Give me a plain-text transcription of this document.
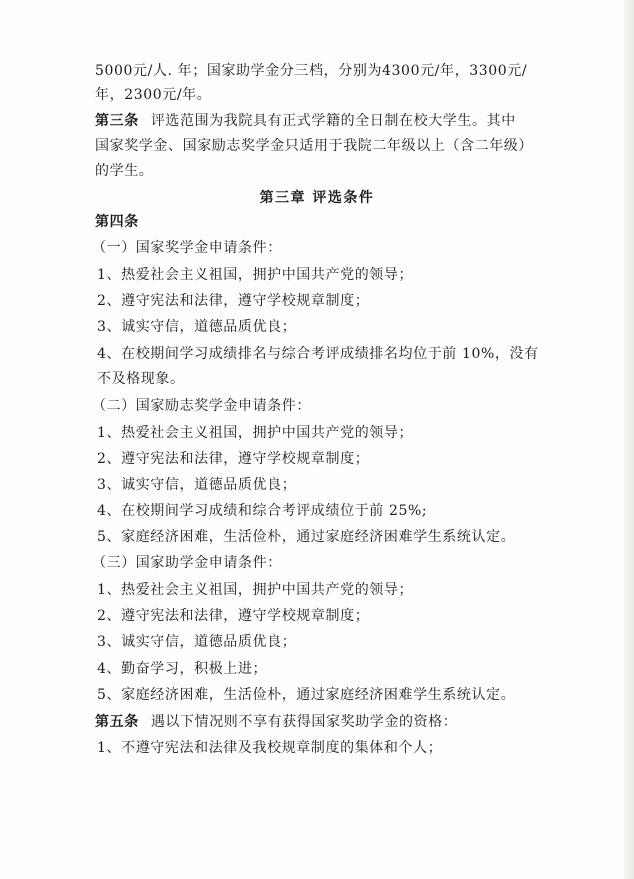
5000元/人. 年；国家助学金分三档，分别为4300元/年，3300元/
年，2300元/年。
第三条 评选范围为我院具有正式学籍的全日制在校大学生。其中
国家奖学金、国家励志奖学金只适用于我院二年级以上（含二年级）
的学生。
第三章 评选条件
第四条
（一）国家奖学金申请条件：
1、热爱社会主义祖国，拥护中国共产党的领导；
2、遵守宪法和法律，遵守学校规章制度；
3、诚实守信，道德品质优良；
4、在校期间学习成绩排名与综合考评成绩排名均位于前 10%，没有
不及格现象。
（二）国家励志奖学金申请条件：
1、热爱社会主义祖国，拥护中国共产党的领导；
2、遵守宪法和法律，遵守学校规章制度；
3、诚实守信，道德品质优良；
4、在校期间学习成绩和综合考评成绩位于前 25%;
5、家庭经济困难，生活俭朴，通过家庭经济困难学生系统认定。
（三）国家助学金申请条件：
1、热爱社会主义祖国，拥护中国共产党的领导；
2、遵守宪法和法律，遵守学校规章制度；
3、诚实守信，道德品质优良；
4、勤奋学习，积极上进；
5、家庭经济困难，生活俭朴，通过家庭经济困难学生系统认定。
第五条 遇以下情况则不享有获得国家奖助学金的资格：
1、不遵守宪法和法律及我校规章制度的集体和个人；
